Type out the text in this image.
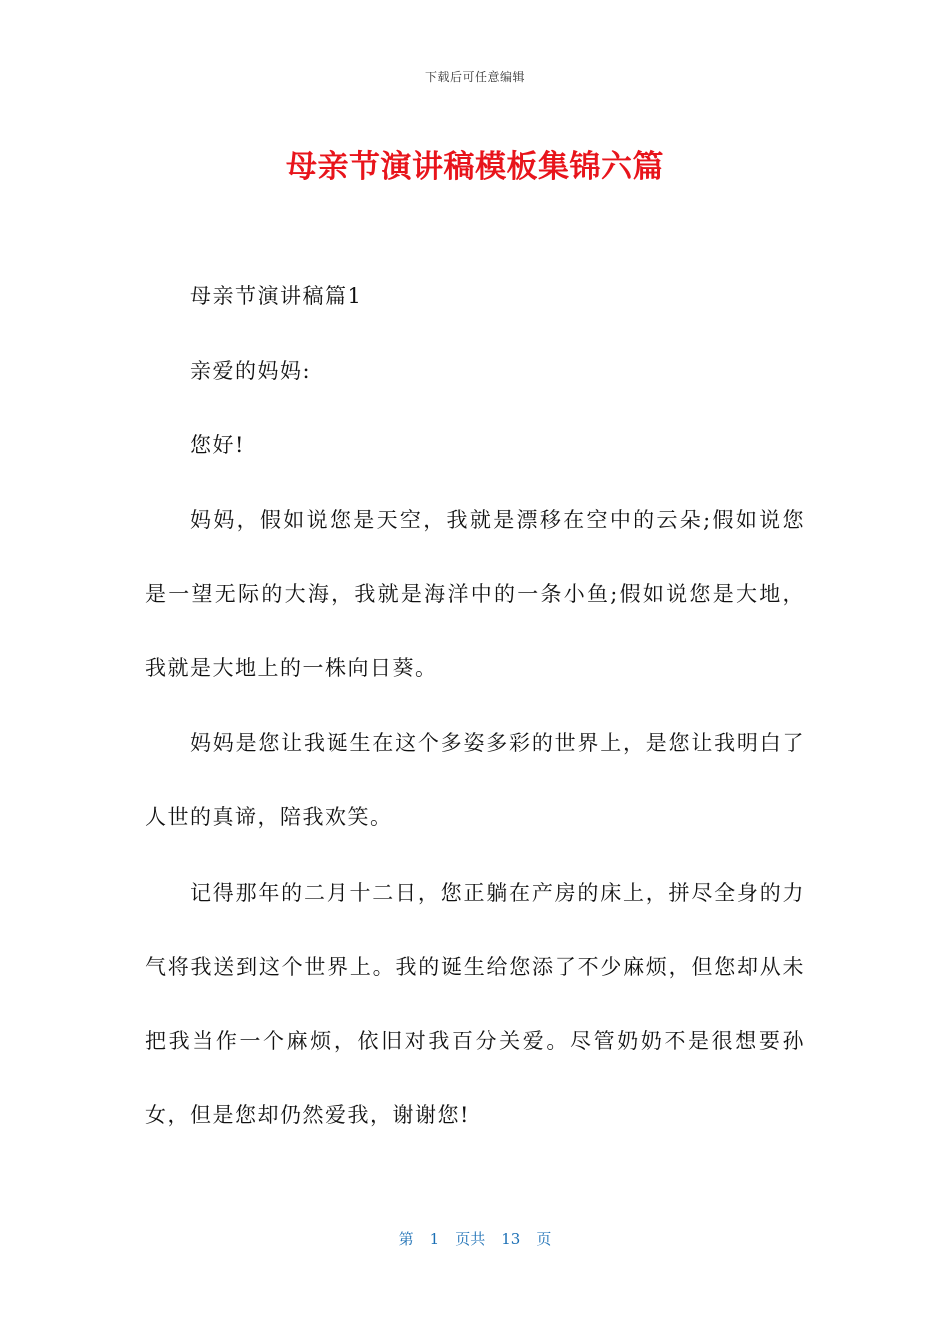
下载后可任意编辑
母亲节演讲稿模板集锦六篇

母亲节演讲稿篇1

亲爱的妈妈:

您好!

妈妈，假如说您是天空，我就是漂移在空中的云朵;假如说您是一望无际的大海，我就是海洋中的一条小鱼;假如说您是大地，我就是大地上的一株向日葵。

妈妈是您让我诞生在这个多姿多彩的世界上，是您让我明白了人世的真谛，陪我欢笑。

记得那年的二月十二日，您正躺在产房的床上，拼尽全身的力气将我送到这个世界上。我的诞生给您添了不少麻烦，但您却从未把我当作一个麻烦，依旧对我百分关爱。尽管奶奶不是很想要孙女，但是您却仍然爱我，谢谢您!

第 1 页共 13 页
